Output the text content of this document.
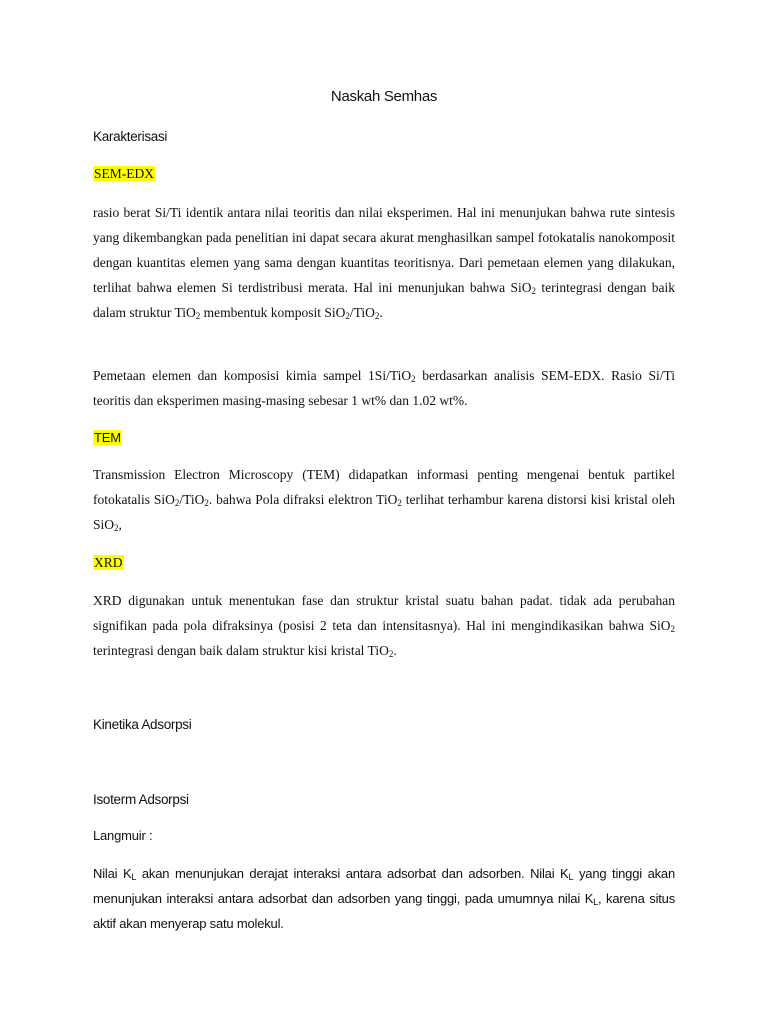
Naskah Semhas
Karakterisasi
SEM-EDX

rasio berat Si/Ti identik antara nilai teoritis dan nilai eksperimen. Hal ini menunjukan bahwa rute sintesis yang dikembangkan pada penelitian ini dapat secara akurat menghasilkan sampel fotokatalis nanokomposit dengan kuantitas elemen yang sama dengan kuantitas teoritisnya. Dari pemetaan elemen yang dilakukan, terlihat bahwa elemen Si terdistribusi merata. Hal ini menunjukan bahwa SiO$_2$ terintegrasi dengan baik dalam struktur TiO$_2$ membentuk komposit SiO$_2$/TiO$_2$.

Pemetaan elemen dan komposisi kimia sampel 1Si/TiO$_2$ berdasarkan analisis SEM-EDX. Rasio Si/Ti teoritis dan eksperimen masing-masing sebesar 1 wt% dan 1.02 wt%.

TEM

Transmission Electron Microscopy (TEM) didapatkan informasi penting mengenai bentuk partikel fotokatalis SiO$_2$/TiO$_2$. bahwa Pola difraksi elektron TiO$_2$ terlihat terhambur karena distorsi kisi kristal oleh SiO$_2$,

XRD

XRD digunakan untuk menentukan fase dan struktur kristal suatu bahan padat. tidak ada perubahan signifikan pada pola difraksinya (posisi 2 teta dan intensitasnya). Hal ini mengindikasikan bahwa SiO$_2$ terintegrasi dengan baik dalam struktur kisi kristal TiO$_2$.

Kinetika Adsorpsi
Isoterm Adsorpsi
Langmuir :

Nilai $K_L$ akan menunjukan derajat interaksi antara adsorbat dan adsorben. Nilai $K_L$ yang tinggi akan menunjukan interaksi antara adsorbat dan adsorben yang tinggi, pada umumnya nilai $K_L$, karena situs aktif akan menyerap satu molekul.
